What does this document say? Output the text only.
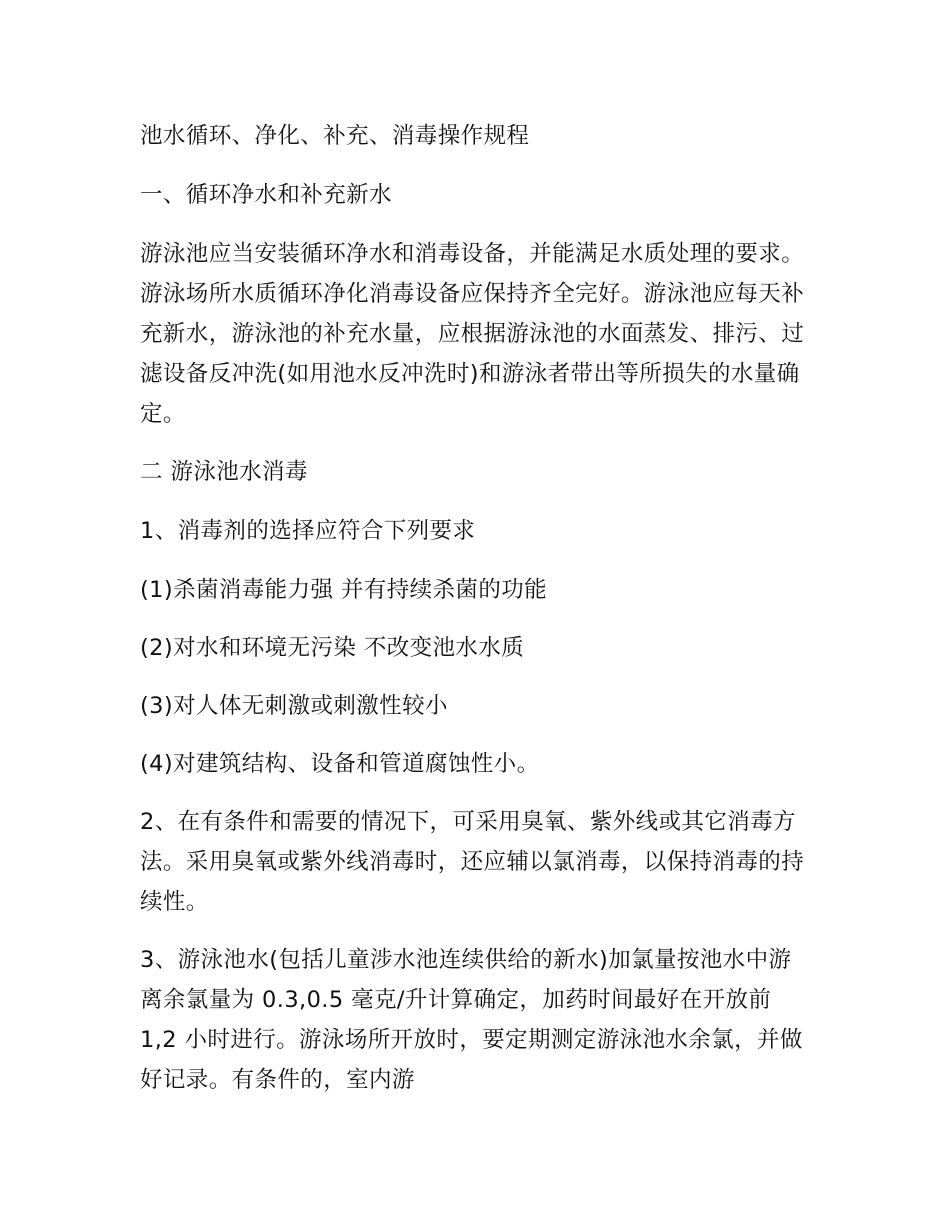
池水循环、净化、补充、消毒操作规程

一、循环净水和补充新水

游泳池应当安装循环净水和消毒设备，并能满足水质处理的要求。游泳场所水质循环净化消毒设备应保持齐全完好。游泳池应每天补充新水，游泳池的补充水量，应根据游泳池的水面蒸发、排污、过滤设备反冲洗(如用池水反冲洗时)和游泳者带出等所损失的水量确定。

二 游泳池水消毒

1、消毒剂的选择应符合下列要求

(1)杀菌消毒能力强 并有持续杀菌的功能

(2)对水和环境无污染 不改变池水水质

(3)对人体无刺激或刺激性较小

(4)对建筑结构、设备和管道腐蚀性小。

2、在有条件和需要的情况下，可采用臭氧、紫外线或其它消毒方法。采用臭氧或紫外线消毒时，还应辅以氯消毒，以保持消毒的持续性。

3、游泳池水(包括儿童涉水池连续供给的新水)加氯量按池水中游离余氯量为 0.3,0.5 毫克/升计算确定，加药时间最好在开放前 1,2 小时进行。游泳场所开放时，要定期测定游泳池水余氯，并做好记录。有条件的，室内游
